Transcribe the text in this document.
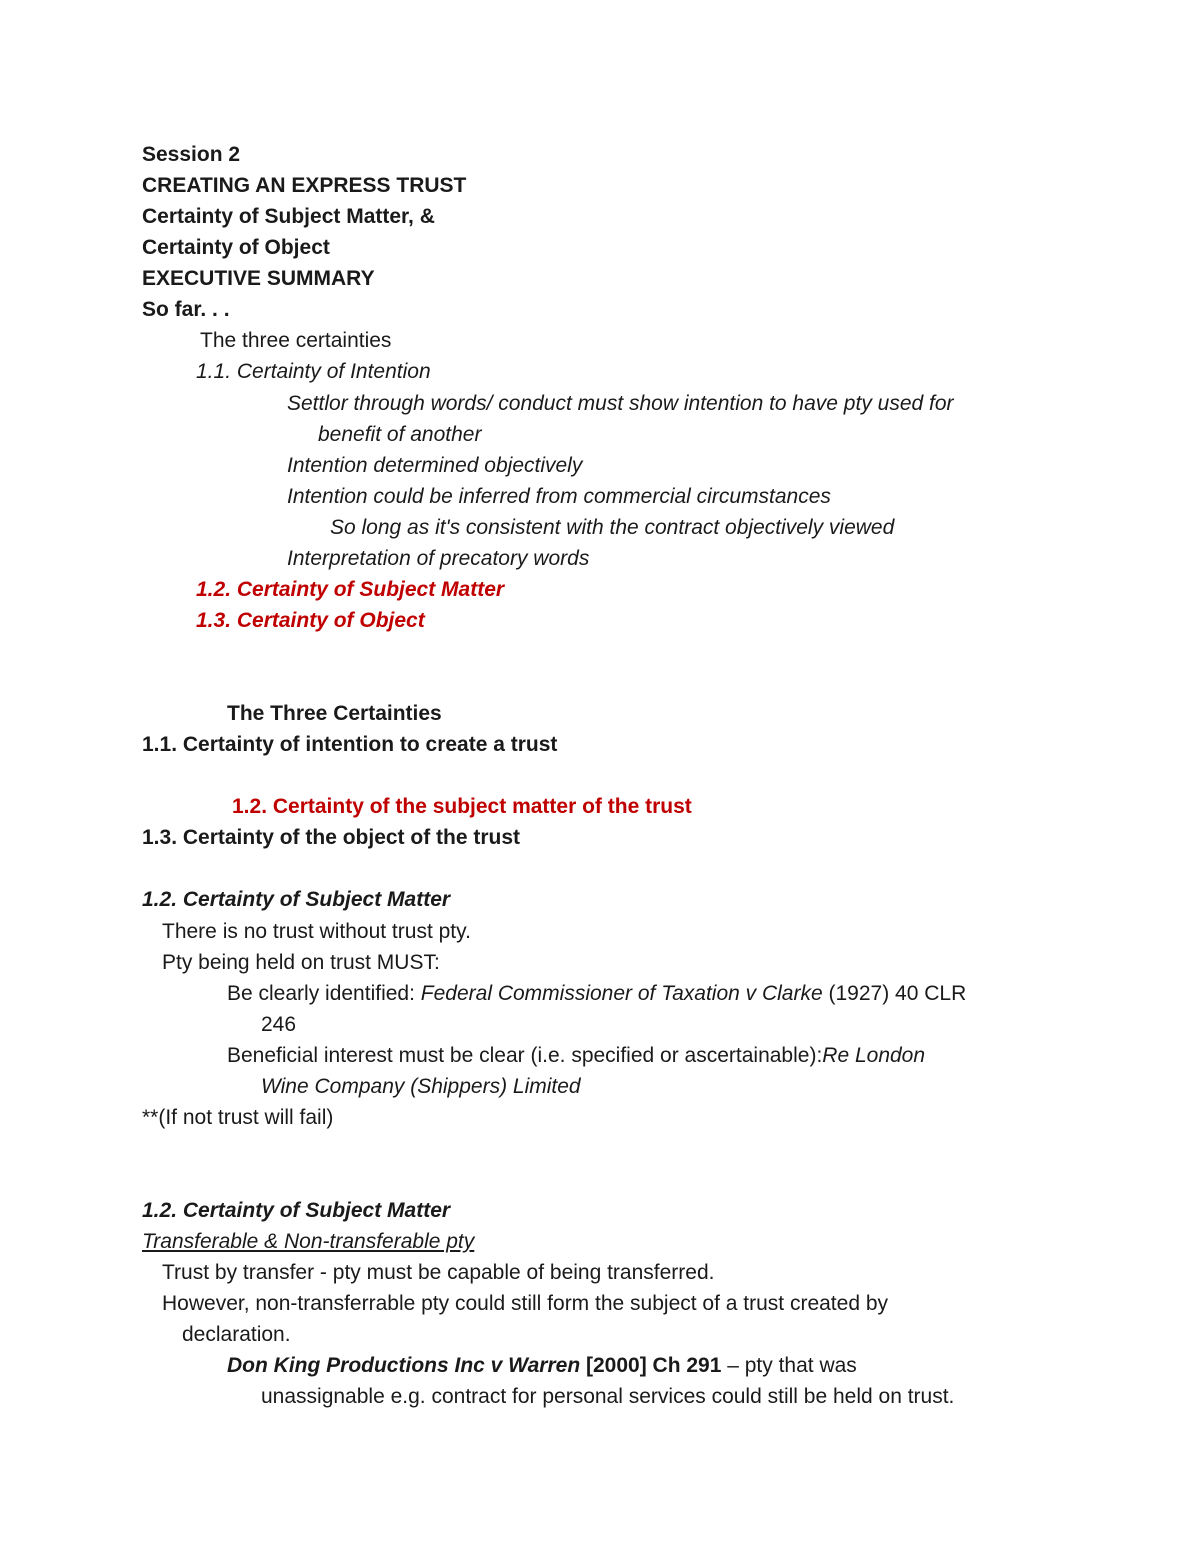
Session 2
CREATING AN EXPRESS TRUST
Certainty of Subject Matter, &
Certainty of Object
EXECUTIVE SUMMARY
So far. . .
The three certainties
1.1. Certainty of Intention
Settlor through words/ conduct must show intention to have pty used for
benefit of another
Intention determined objectively
Intention could be inferred from commercial circumstances
So long as it's consistent with the contract objectively viewed
Interpretation of precatory words
1.2. Certainty of Subject Matter
1.3. Certainty of Object
The Three Certainties
1.1. Certainty of intention to create a trust
1.2. Certainty of the subject matter of the trust
1.3. Certainty of the object of the trust
1.2. Certainty of Subject Matter
There is no trust without trust pty.
Pty being held on trust MUST:
Be clearly identified: Federal Commissioner of Taxation v Clarke (1927) 40 CLR
246
Beneficial interest must be clear (i.e. specified or ascertainable):Re London
Wine Company (Shippers) Limited
**(If not trust will fail)
1.2. Certainty of Subject Matter
Transferable & Non-transferable pty
Trust by transfer - pty must be capable of being transferred.
However, non-transferrable pty could still form the subject of a trust created by
declaration.
Don King Productions Inc v Warren [2000] Ch 291 – pty that was
unassignable e.g. contract for personal services could still be held on trust.
